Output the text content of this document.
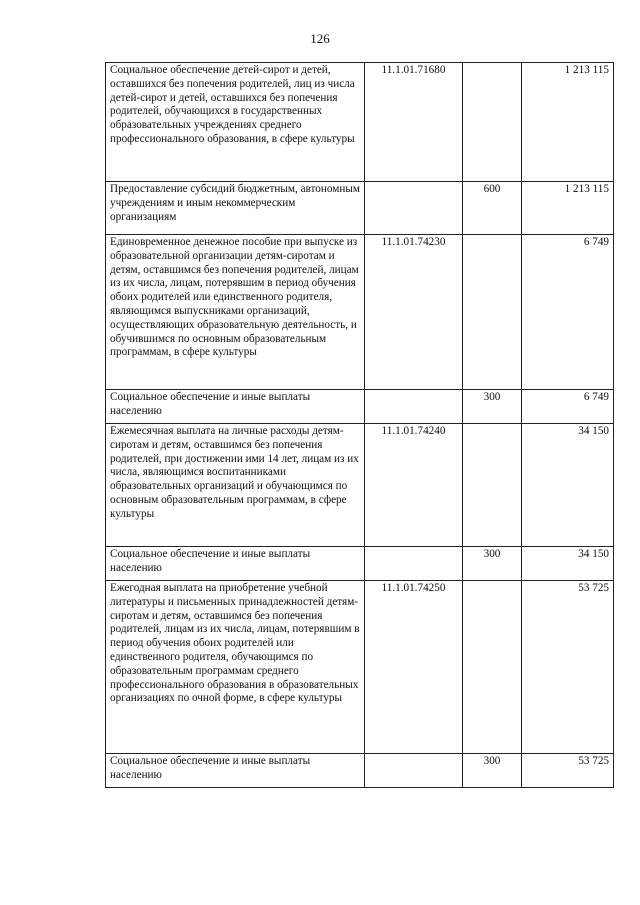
126
Социальное обеспечение детей-сирот и детей, оставшихся без попечения родителей, лиц из числа детей-сирот и детей, оставшихся без попечения родителей, обучающихся в государственных образовательных учреждениях среднего профессионального образования, в сфере культуры	11.1.01.71680		1 213 115
Предоставление субсидий бюджетным, автономным учреждениям и иным некоммерческим организациям		600	1 213 115
Единовременное денежное пособие при выпуске из образовательной организации детям-сиротам и детям, оставшимся без попечения родителей, лицам из их числа, лицам, потерявшим в период обучения обоих родителей или единственного родителя, являющимся выпускниками организаций, осуществляющих образовательную деятельность, и обучившимся по основным образовательным программам, в сфере культуры	11.1.01.74230		6 749
Социальное обеспечение и иные выплаты населению		300	6 749
Ежемесячная выплата на личные расходы детям-сиротам и детям, оставшимся без попечения родителей, при достижении ими 14 лет, лицам из их числа, являющимся воспитанниками образовательных организаций и обучающимся по основным образовательным программам, в сфере культуры	11.1.01.74240		34 150
Социальное обеспечение и иные выплаты населению		300	34 150
Ежегодная выплата на приобретение учебной литературы и письменных принадлежностей детям-сиротам и детям, оставшимся без попечения родителей, лицам из их числа, лицам, потерявшим в период обучения обоих родителей или единственного родителя, обучающимся по образовательным программам среднего профессионального образования в образовательных организациях по очной форме, в сфере культуры	11.1.01.74250		53 725
Социальное обеспечение и иные выплаты населению		300	53 725
